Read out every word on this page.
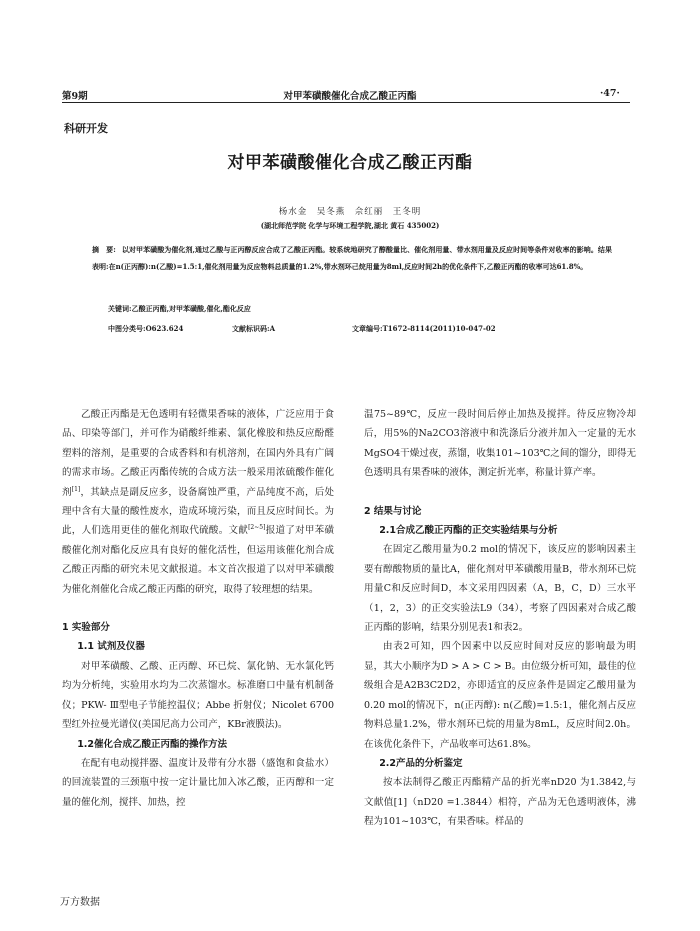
第9期	对甲苯磺酸催化合成乙酸正丙酯	·47·
科研开发
对甲苯磺酸催化合成乙酸正丙酯
杨水金　吴冬燕　佘红丽　王冬明
(湖北师范学院 化学与环境工程学院,湖北 黄石 435002)
摘　要: 以对甲苯磺酸为催化剂,通过乙酸与正丙醇反应合成了乙酸正丙酯。较系统地研究了醇酸量比、催化剂用量、带水剂用量及反应时间等条件对收率的影响。结果表明:在n(正丙醇):n(乙酸)=1.5:1,催化剂用量为反应物料总质量的1.2%,带水剂环己烷用量为8ml,反应时间2h的优化条件下,乙酸正丙酯的收率可达61.8%。
关键词:乙酸正丙酯,对甲苯磺酸,催化,酯化反应
中图分类号:O623.624	文献标识码:A	文章编号:T1672-8114(2011)10-047-02

乙酸正丙酯是无色透明有轻微果香味的液体，广泛应用于食品、印染等部门，并可作为硝酸纤维素、氯化橡胶和热反应酚醛塑料的溶剂，是重要的合成香料和有机溶剂，在国内外具有广阔的需求市场。乙酸正丙酯传统的合成方法一般采用浓硫酸作催化剂[1]，其缺点是副反应多，设备腐蚀严重，产品纯度不高，后处理中含有大量的酸性废水，造成环境污染，而且反应时间长。为此，人们选用更佳的催化剂取代硫酸。文献[2~5]报道了对甲苯磺酸催化剂对酯化反应具有良好的催化活性，但运用该催化剂合成乙酸正丙酯的研究未见文献报道。本文首次报道了以对甲苯磺酸为催化剂催化合成乙酸正丙酯的研究，取得了较理想的结果。

1 实验部分
1.1 试剂及仪器

对甲苯磺酸、乙酸、正丙醇、环已烷、氯化钠、无水氯化钙均为分析纯，实验用水均为二次蒸馏水。标准磨口中量有机制备仪；PKW- Ⅲ型电子节能控温仪；Abbe 折射仪；Nicolet 6700 型红外拉曼光谱仪(美国尼高力公司产，KBr液膜法)。

1.2催化合成乙酸正丙酯的操作方法

在配有电动搅拌器、温度计及带有分水器（盛饱和食盐水）的回流装置的三颈瓶中按一定计量比加入冰乙酸，正丙醇和一定量的催化剂，搅拌、加热，控

温75~89℃，反应一段时间后停止加热及搅拌。待反应物冷却后，用5%的Na2CO3溶液中和洗涤后分液并加入一定量的无水MgSO4干燥过夜，蒸馏，收集101~103℃之间的馏分，即得无色透明具有果香味的液体，测定折光率，称量计算产率。

2 结果与讨论
2.1合成乙酸正丙酯的正交实验结果与分析

在固定乙酸用量为0.2 mol的情况下，该反应的影响因素主要有醇酸物质的量比A，催化剂对甲苯磺酸用量B，带水剂环已烷用量C和反应时间D，本文采用四因素（A，B，C，D）三水平（1，2，3）的正交实验法L9（34），考察了四因素对合成乙酸正丙酯的影响，结果分别见表1和表2。

由表2可知，四个因素中以反应时间对反应的影响最为明显，其大小顺序为D > A > C > B。由位级分析可知，最佳的位级组合是A2B3C2D2，亦即适宜的反应条件是固定乙酸用量为0.20 mol的情况下，n(正丙醇): n(乙酸)=1.5:1，催化剂占反应物料总量1.2%，带水剂环已烷的用量为8mL，反应时间2.0h。在该优化条件下，产品收率可达61.8%。

2.2产品的分析鉴定

按本法制得乙酸正丙酯精产品的折光率nD20 为1.3842,与文献值[1]（nD20 =1.3844）相符，产品为无色透明液体，沸程为101~103℃，有果香味。样品的

万方数据
